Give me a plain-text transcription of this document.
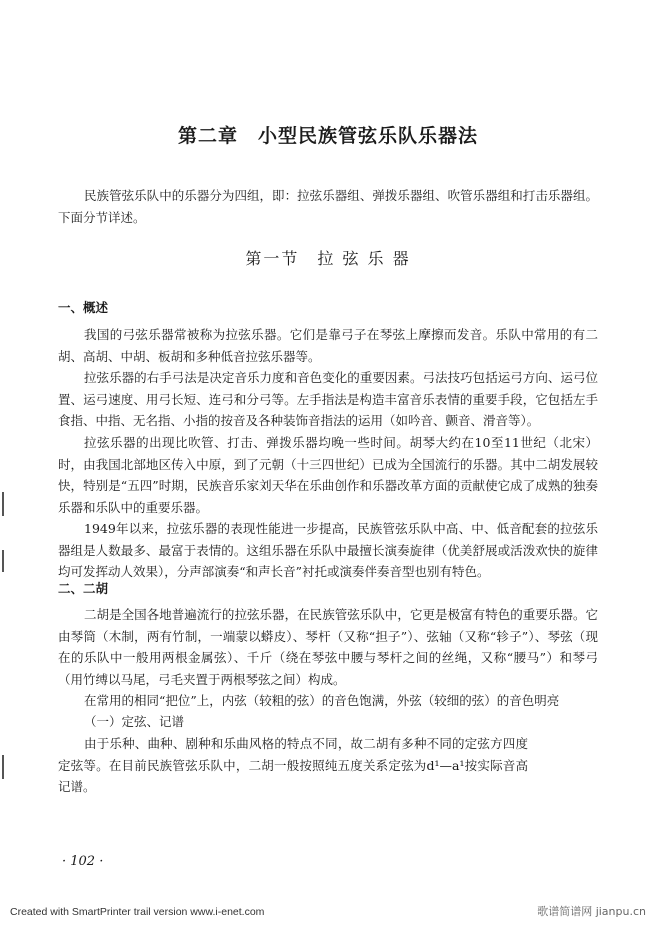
第二章　小型民族管弦乐队乐器法

民族管弦乐队中的乐器分为四组，即：拉弦乐器组、弹拨乐器组、吹管乐器组和打击乐器组。下面分节详述。

第一节　拉 弦 乐 器
一、概述

我国的弓弦乐器常被称为拉弦乐器。它们是靠弓子在琴弦上摩擦而发音。乐队中常用的有二胡、高胡、中胡、板胡和多种低音拉弦乐器等。

拉弦乐器的右手弓法是决定音乐力度和音色变化的重要因素。弓法技巧包括运弓方向、运弓位置、运弓速度、用弓长短、连弓和分弓等。左手指法是构造丰富音乐表情的重要手段，它包括左手食指、中指、无名指、小指的按音及各种装饰音指法的运用（如吟音、颤音、滑音等）。

拉弦乐器的出现比吹管、打击、弹拨乐器均晚一些时间。胡琴大约在10至11世纪（北宋）时，由我国北部地区传入中原，到了元朝（十三四世纪）已成为全国流行的乐器。其中二胡发展较快，特别是“五四”时期，民族音乐家刘天华在乐曲创作和乐器改革方面的贡献使它成了成熟的独奏乐器和乐队中的重要乐器。

1949年以来，拉弦乐器的表现性能进一步提高，民族管弦乐队中高、中、低音配套的拉弦乐器组是人数最多、最富于表情的。这组乐器在乐队中最擅长演奏旋律（优美舒展或活泼欢快的旋律均可发挥动人效果），分声部演奏“和声长音”衬托或演奏伴奏音型也别有特色。

二、二胡

二胡是全国各地普遍流行的拉弦乐器，在民族管弦乐队中，它更是极富有特色的重要乐器。它由琴筒（木制，两有竹制，一端蒙以蟒皮）、琴杆（又称“担子”）、弦轴（又称“轸子”）、琴弦（现在的乐队中一般用两根金属弦）、千斤（绕在琴弦中腰与琴杆之间的丝绳，又称“腰马”）和琴弓（用竹缚以马尾，弓毛夹置于两根琴弦之间）构成。

在常用的相同“把位”上，内弦（较粗的弦）的音色饱满，外弦（较细的弦）的音色明亮

（一）定弦、记谱

由于乐种、曲种、剧种和乐曲风格的特点不同，故二胡有多种不同的定弦方四度定弦等。在目前民族管弦乐队中，二胡一般按照纯五度关系定弦为d¹—a¹按实际音高记谱。

· 102 ·
Created with SmartPrinter trail version www.i-enet.com	歌谱简谱网 jianpu.cn
